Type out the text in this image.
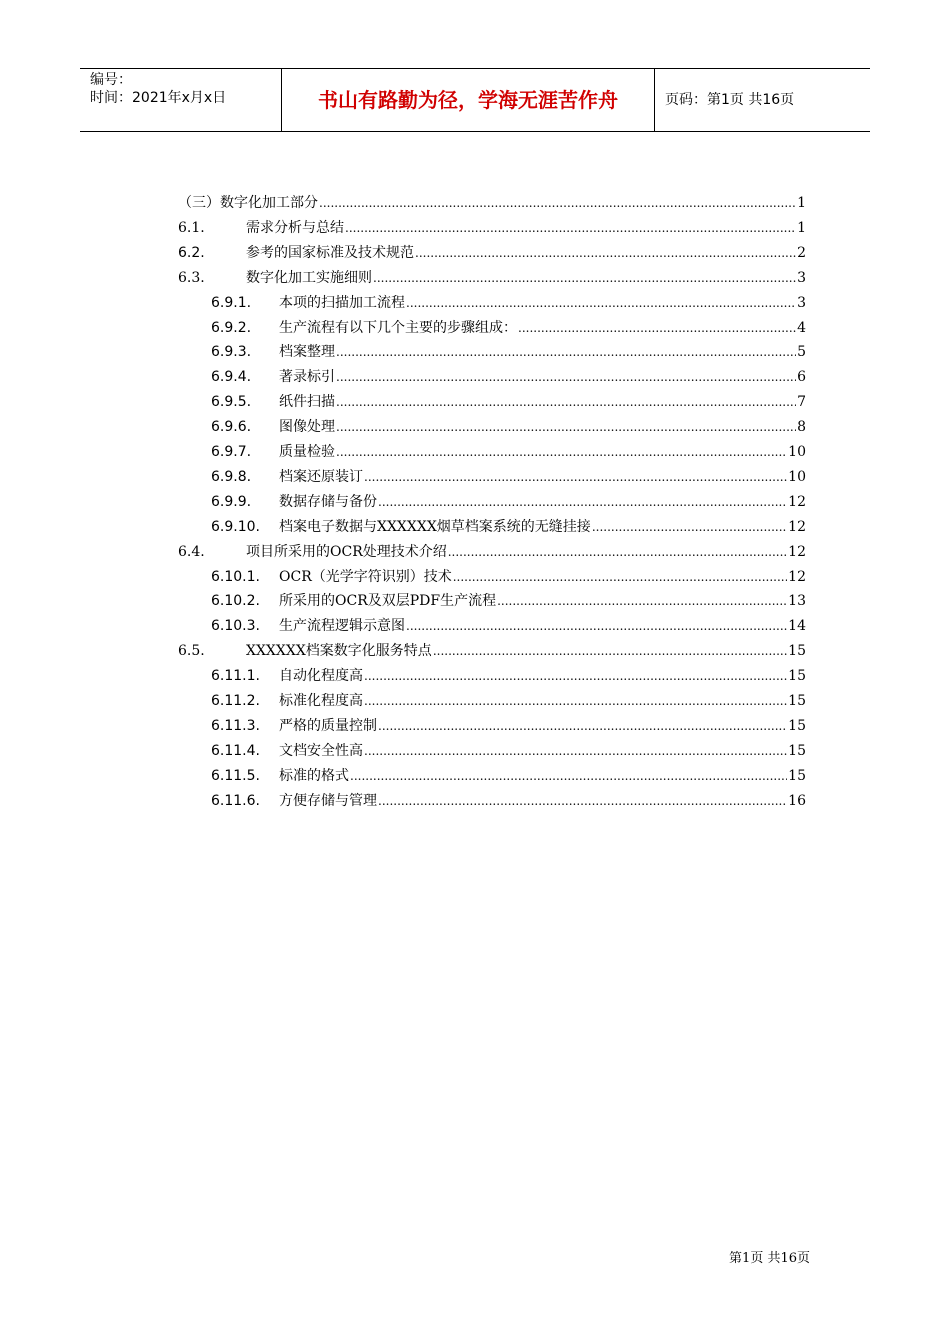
编号：
时间：2021年x月x日	书山有路勤为径，学海无涯苦作舟	页码：第1页 共16页
（三）数字化加工部分	1
.....
6.1.	需求分析与总结	1
.....
6.2.	参考的国家标准及技术规范	2
.....
6.3.	数字化加工实施细则	3
.....
6.9.1. 本项的扫描加工流程	3
.....
6.9.2. 生产流程有以下几个主要的步骤组成：	4
.....
6.9.3. 档案整理	5
.....
6.9.4. 著录标引	6
.....
6.9.5. 纸件扫描	7
.....
6.9.6. 图像处理	8
.....
6.9.7. 质量检验	10
.....
6.9.8. 档案还原装订	10
.....
6.9.9. 数据存储与备份	12
.....
6.9.10. 档案电子数据与XXXXXX烟草档案系统的无缝挂接	12
.....
6.4.	项目所采用的OCR处理技术介绍	12
.....
6.10.1. OCR（光学字符识别）技术	12
.....
6.10.2. 所采用的OCR及双层PDF生产流程	13
.....
6.10.3. 生产流程逻辑示意图	14
.....
6.5.	XXXXXX档案数字化服务特点	15
.....
6.11.1. 自动化程度高	15
.....
6.11.2. 标准化程度高	15
.....
6.11.3. 严格的质量控制	15
.....
6.11.4. 文档安全性高	15
.....
6.11.5. 标准的格式	15
.....
6.11.6. 方便存储与管理	16
.....
第1页 共16页
